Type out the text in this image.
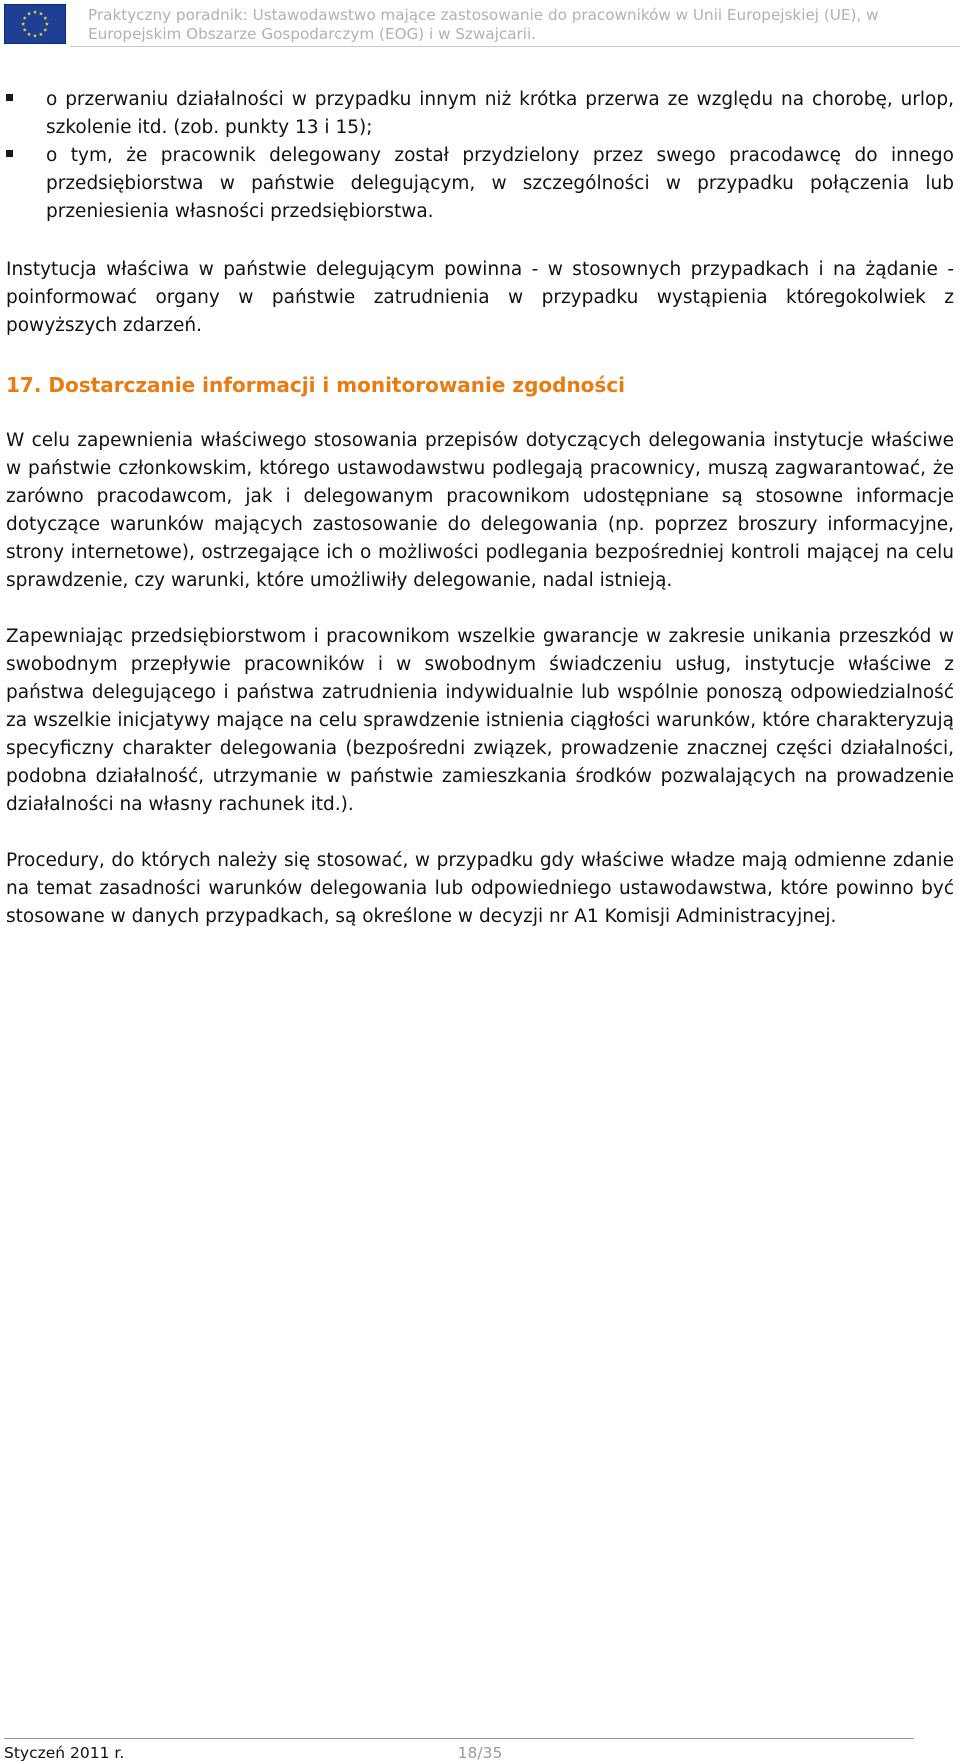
Praktyczny poradnik: Ustawodawstwo mające zastosowanie do pracowników w Unii Europejskiej (UE), w
Europejskim Obszarze Gospodarczym (EOG) i w Szwajcarii.
o przerwaniu działalności w przypadku innym niż krótka przerwa ze względu na chorobę, urlop, szkolenie itd. (zob. punkty 13 i 15);
o tym, że pracownik delegowany został przydzielony przez swego pracodawcę do innego przedsiębiorstwa w państwie delegującym, w szczególności w przypadku połączenia lub przeniesienia własności przedsiębiorstwa.

Instytucja właściwa w państwie delegującym powinna - w stosownych przypadkach i na żądanie - poinformować organy w państwie zatrudnienia w przypadku wystąpienia któregokolwiek z powyższych zdarzeń.

17. Dostarczanie informacji i monitorowanie zgodności

W celu zapewnienia właściwego stosowania przepisów dotyczących delegowania instytucje właściwe w państwie członkowskim, którego ustawodawstwu podlegają pracownicy, muszą zagwarantować, że zarówno pracodawcom, jak i delegowanym pracownikom udostępniane są stosowne informacje dotyczące warunków mających zastosowanie do delegowania (np. poprzez broszury informacyjne, strony internetowe), ostrzegające ich o możliwości podlegania bezpośredniej kontroli mającej na celu sprawdzenie, czy warunki, które umożliwiły delegowanie, nadal istnieją.

Zapewniając przedsiębiorstwom i pracownikom wszelkie gwarancje w zakresie unikania przeszkód w swobodnym przepływie pracowników i w swobodnym świadczeniu usług, instytucje właściwe z państwa delegującego i państwa zatrudnienia indywidualnie lub wspólnie ponoszą odpowiedzialność za wszelkie inicjatywy mające na celu sprawdzenie istnienia ciągłości warunków, które charakteryzują specyficzny charakter delegowania (bezpośredni związek, prowadzenie znacznej części działalności, podobna działalność, utrzymanie w państwie zamieszkania środków pozwalających na prowadzenie działalności na własny rachunek itd.).

Procedury, do których należy się stosować, w przypadku gdy właściwe władze mają odmienne zdanie na temat zasadności warunków delegowania lub odpowiedniego ustawodawstwa, które powinno być stosowane w danych przypadkach, są określone w decyzji nr A1 Komisji Administracyjnej.

Styczeń 2011 r.	18/35
